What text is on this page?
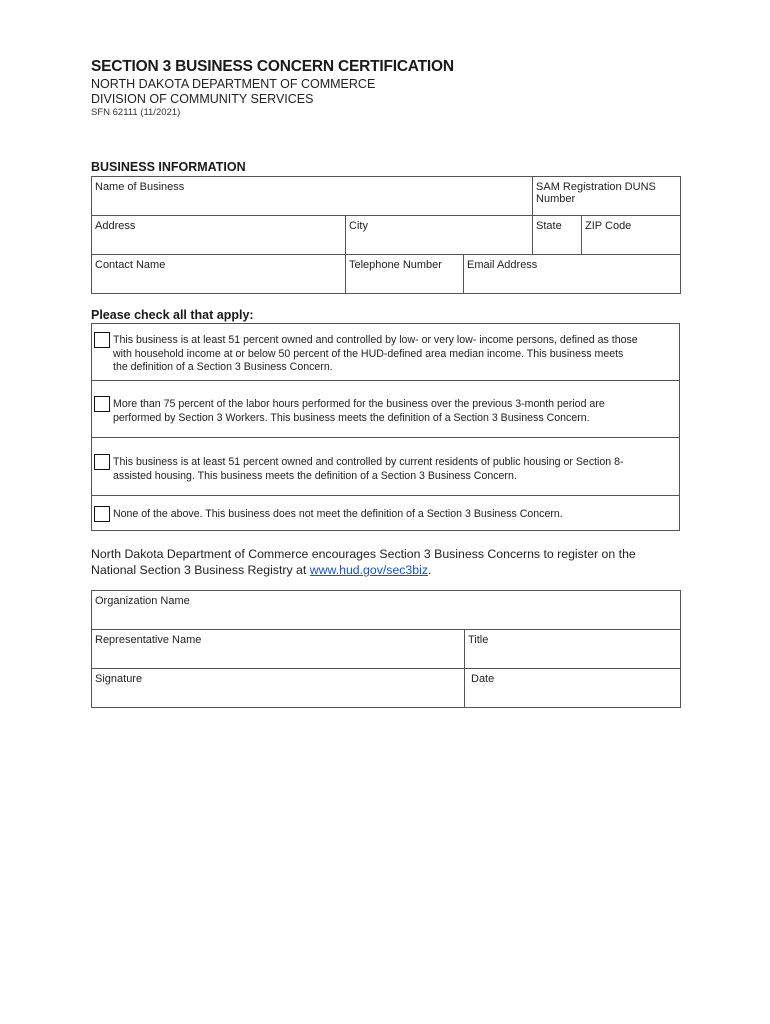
SECTION 3 BUSINESS CONCERN CERTIFICATION
NORTH DAKOTA DEPARTMENT OF COMMERCE
DIVISION OF COMMUNITY SERVICES
SFN 62111 (11/2021)
BUSINESS INFORMATION
Name of Business			SAM Registration DUNS Number	
Address	City		State	ZIP Code
Contact Name	Telephone Number	Email Address		
Please check all that apply:
This business is at least 51 percent owned and controlled by low- or very low- income persons, defined as those
with household income at or below 50 percent of the HUD-defined area median income. This business meets
the definition of a Section 3 Business Concern.
More than 75 percent of the labor hours performed for the business over the previous 3-month period are
performed by Section 3 Workers. This business meets the definition of a Section 3 Business Concern.
This business is at least 51 percent owned and controlled by current residents of public housing or Section 8-
assisted housing. This business meets the definition of a Section 3 Business Concern.
None of the above. This business does not meet the definition of a Section 3 Business Concern.
North Dakota Department of Commerce encourages Section 3 Business Concerns to register on the
National Section 3 Business Registry at www.hud.gov/sec3biz.
Organization Name	
Representative Name	Title
Signature	Date
